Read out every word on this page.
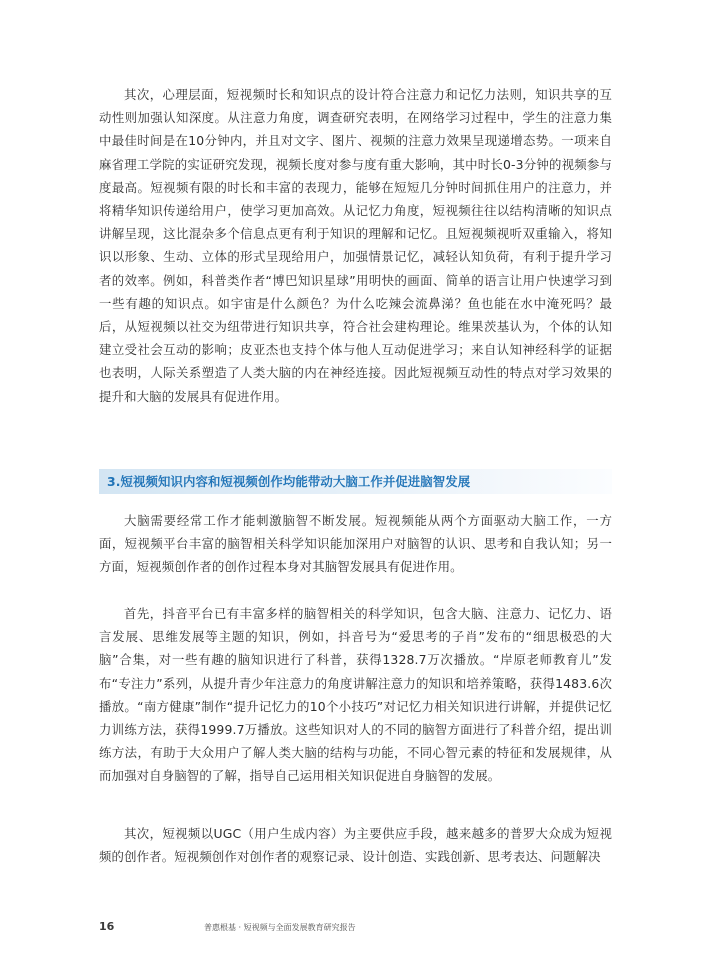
其次，心理层面，短视频时长和知识点的设计符合注意力和记忆力法则，知识共享的互动性则加强认知深度。从注意力角度，调查研究表明，在网络学习过程中，学生的注意力集中最佳时间是在10分钟内，并且对文字、图片、视频的注意力效果呈现递增态势。一项来自麻省理工学院的实证研究发现，视频长度对参与度有重大影响，其中时长0-3分钟的视频参与度最高。短视频有限的时长和丰富的表现力，能够在短短几分钟时间抓住用户的注意力，并将精华知识传递给用户，使学习更加高效。从记忆力角度，短视频往往以结构清晰的知识点讲解呈现，这比混杂多个信息点更有利于知识的理解和记忆。且短视频视听双重输入，将知识以形象、生动、立体的形式呈现给用户，加强情景记忆，减轻认知负荷，有利于提升学习者的效率。例如，科普类作者“博巴知识星球”用明快的画面、简单的语言让用户快速学习到一些有趣的知识点。如宇宙是什么颜色？为什么吃辣会流鼻涕？鱼也能在水中淹死吗？最后，从短视频以社交为纽带进行知识共享，符合社会建构理论。维果茨基认为，个体的认知建立受社会互动的影响；皮亚杰也支持个体与他人互动促进学习；来自认知神经科学的证据也表明，人际关系塑造了人类大脑的内在神经连接。因此短视频互动性的特点对学习效果的提升和大脑的发展具有促进作用。

3.短视频知识内容和短视频创作均能带动大脑工作并促进脑智发展

大脑需要经常工作才能刺激脑智不断发展。短视频能从两个方面驱动大脑工作，一方面，短视频平台丰富的脑智相关科学知识能加深用户对脑智的认识、思考和自我认知；另一方面，短视频创作者的创作过程本身对其脑智发展具有促进作用。

首先，抖音平台已有丰富多样的脑智相关的科学知识，包含大脑、注意力、记忆力、语言发展、思维发展等主题的知识，例如，抖音号为“爱思考的子肖”发布的“细思极恐的大脑”合集，对一些有趣的脑知识进行了科普，获得1328.7万次播放。“岸原老师教育儿”发布“专注力”系列，从提升青少年注意力的角度讲解注意力的知识和培养策略，获得1483.6次播放。“南方健康”制作“提升记忆力的10个小技巧”对记忆力相关知识进行讲解，并提供记忆力训练方法，获得1999.7万播放。这些知识对人的不同的脑智方面进行了科普介绍，提出训练方法，有助于大众用户了解人类大脑的结构与功能，不同心智元素的特征和发展规律，从而加强对自身脑智的了解，指导自己运用相关知识促进自身脑智的发展。

其次，短视频以UGC（用户生成内容）为主要供应手段，越来越多的普罗大众成为短视频的创作者。短视频创作对创作者的观察记录、设计创造、实践创新、思考表达、问题解决

16	普惠根基 · 短视频与全面发展教育研究报告
